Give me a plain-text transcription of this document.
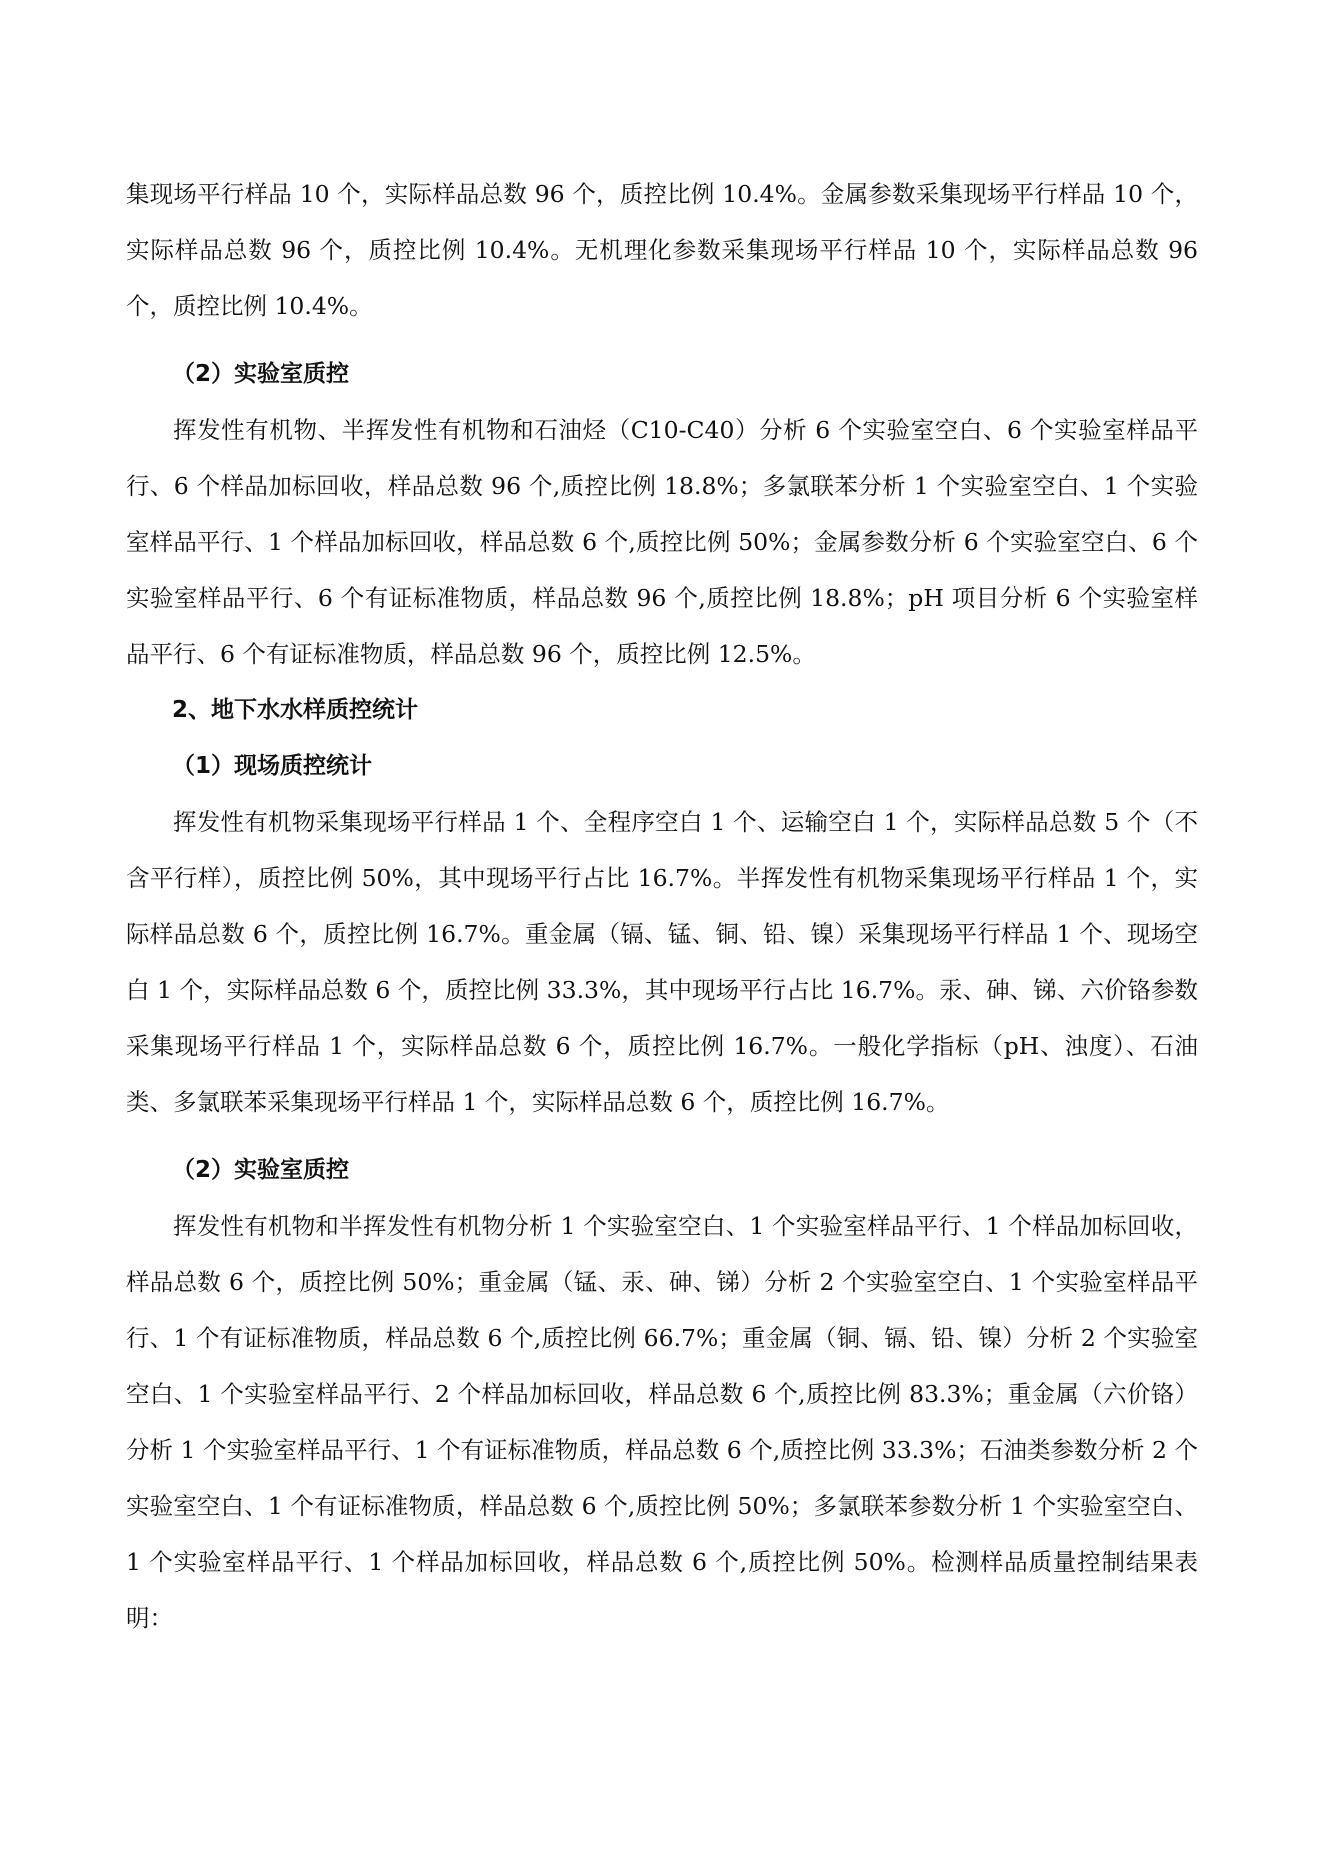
集现场平行样品 10 个，实际样品总数 96 个，质控比例 10.4%。金属参数采集现场平行样品 10 个，实际样品总数 96 个，质控比例 10.4%。无机理化参数采集现场平行样品 10 个，实际样品总数 96 个，质控比例 10.4%。

（2）实验室质控

挥发性有机物、半挥发性有机物和石油烃（C10-C40）分析 6 个实验室空白、6 个实验室样品平行、6 个样品加标回收，样品总数 96 个,质控比例 18.8%；多氯联苯分析 1 个实验室空白、1 个实验室样品平行、1 个样品加标回收，样品总数 6 个,质控比例 50%；金属参数分析 6 个实验室空白、6 个实验室样品平行、6 个有证标准物质，样品总数 96 个,质控比例 18.8%；pH 项目分析 6 个实验室样品平行、6 个有证标准物质，样品总数 96 个，质控比例 12.5%。

2、地下水水样质控统计

（1）现场质控统计

挥发性有机物采集现场平行样品 1 个、全程序空白 1 个、运输空白 1 个，实际样品总数 5 个（不含平行样），质控比例 50%，其中现场平行占比 16.7%。半挥发性有机物采集现场平行样品 1 个，实际样品总数 6 个，质控比例 16.7%。重金属（镉、锰、铜、铅、镍）采集现场平行样品 1 个、现场空白 1 个，实际样品总数 6 个，质控比例 33.3%，其中现场平行占比 16.7%。汞、砷、锑、六价铬参数采集现场平行样品 1 个，实际样品总数 6 个，质控比例 16.7%。一般化学指标（pH、浊度）、石油类、多氯联苯采集现场平行样品 1 个，实际样品总数 6 个，质控比例 16.7%。

（2）实验室质控

挥发性有机物和半挥发性有机物分析 1 个实验室空白、1 个实验室样品平行、1 个样品加标回收，样品总数 6 个，质控比例 50%；重金属（锰、汞、砷、锑）分析 2 个实验室空白、1 个实验室样品平行、1 个有证标准物质，样品总数 6 个,质控比例 66.7%；重金属（铜、镉、铅、镍）分析 2 个实验室空白、1 个实验室样品平行、2 个样品加标回收，样品总数 6 个,质控比例 83.3%；重金属（六价铬）分析 1 个实验室样品平行、1 个有证标准物质，样品总数 6 个,质控比例 33.3%；石油类参数分析 2 个实验室空白、1 个有证标准物质，样品总数 6 个,质控比例 50%；多氯联苯参数分析 1 个实验室空白、1 个实验室样品平行、1 个样品加标回收，样品总数 6 个,质控比例 50%。检测样品质量控制结果表明：
